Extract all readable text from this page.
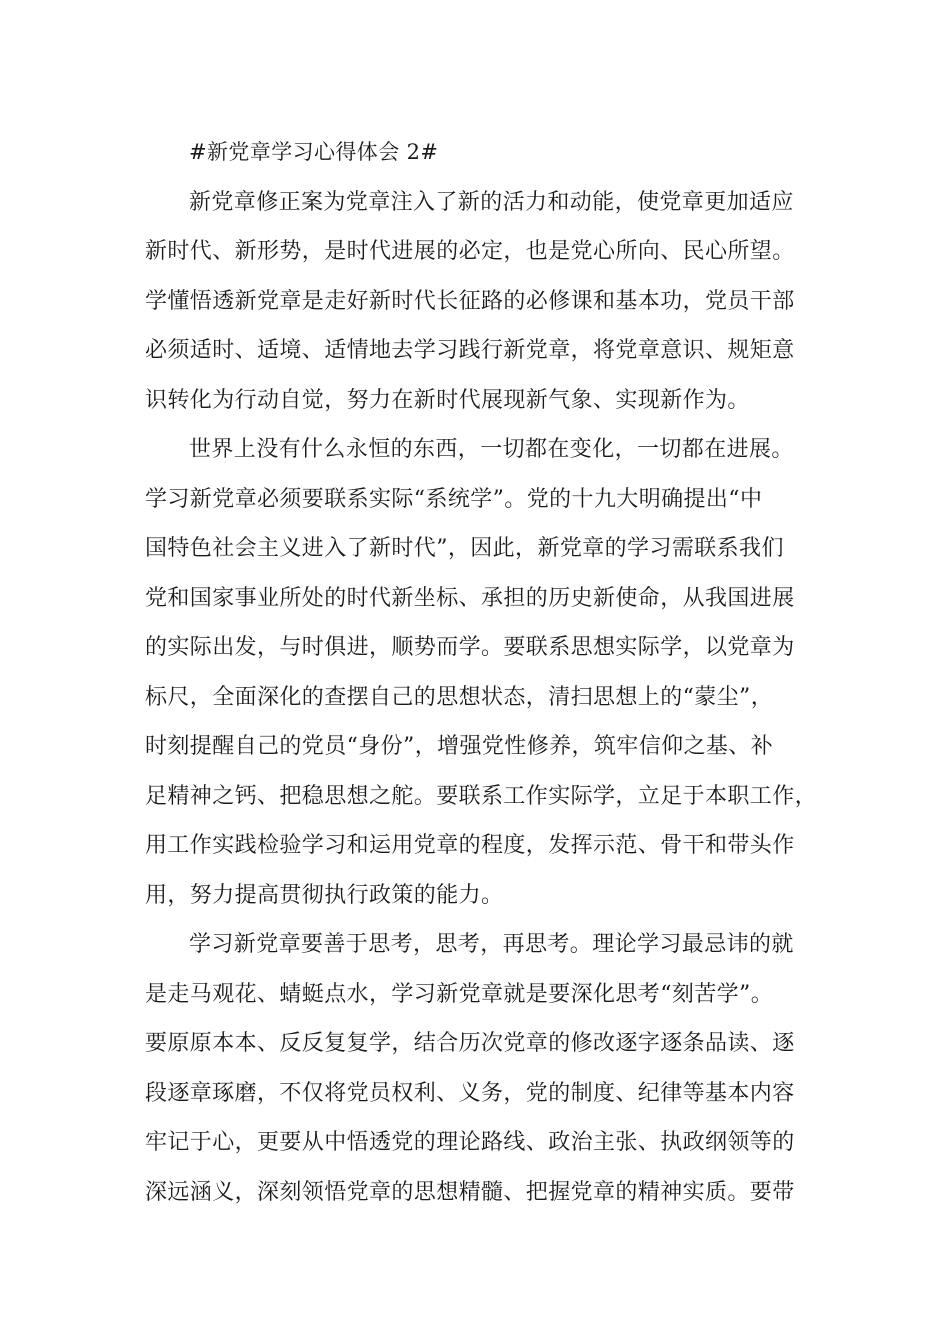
#新党章学习心得体会 2#

新党章修正案为党章注入了新的活力和动能，使党章更加适应
新时代、新形势，是时代进展的必定，也是党心所向、民心所望。
学懂悟透新党章是走好新时代长征路的必修课和基本功，党员干部
必须适时、适境、适情地去学习践行新党章，将党章意识、规矩意
识转化为行动自觉，努力在新时代展现新气象、实现新作为。

世界上没有什么永恒的东西，一切都在变化，一切都在进展。
学习新党章必须要联系实际“系统学”。党的十九大明确提出“中
国特色社会主义进入了新时代”，因此，新党章的学习需联系我们
党和国家事业所处的时代新坐标、承担的历史新使命，从我国进展
的实际出发，与时俱进，顺势而学。要联系思想实际学，以党章为
标尺，全面深化的查摆自己的思想状态，清扫思想上的“蒙尘”，
时刻提醒自己的党员“身份”，增强党性修养，筑牢信仰之基、补
足精神之钙、把稳思想之舵。要联系工作实际学，立足于本职工作，
用工作实践检验学习和运用党章的程度，发挥示范、骨干和带头作
用，努力提高贯彻执行政策的能力。

学习新党章要善于思考，思考，再思考。理论学习最忌讳的就
是走马观花、蜻蜓点水，学习新党章就是要深化思考“刻苦学”。
要原原本本、反反复复学，结合历次党章的修改逐字逐条品读、逐
段逐章琢磨，不仅将党员权利、义务，党的制度、纪律等基本内容
牢记于心，更要从中悟透党的理论路线、政治主张、执政纲领等的
深远涵义，深刻领悟党章的思想精髓、把握党章的精神实质。要带
